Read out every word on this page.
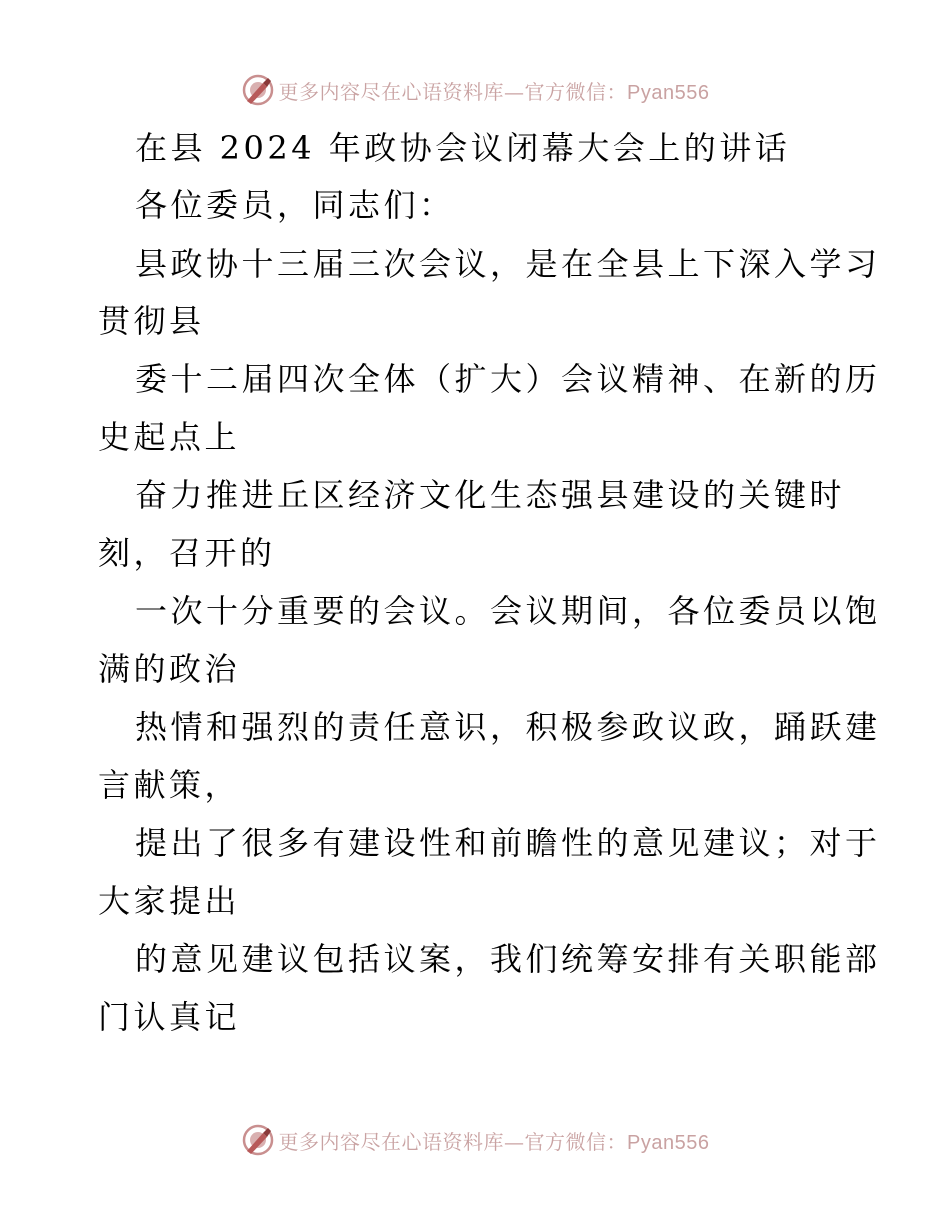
更多内容尽在心语资料库—官方微信：Pyan556
在县 2024 年政协会议闭幕大会上的讲话
各位委员，同志们：
县政协十三届三次会议，是在全县上下深入学习
贯彻县
委十二届四次全体（扩大）会议精神、在新的历
史起点上
奋力推进丘区经济文化生态强县建设的关键时
刻，召开的
一次十分重要的会议。会议期间，各位委员以饱
满的政治
热情和强烈的责任意识，积极参政议政，踊跃建
言献策，
提出了很多有建设性和前瞻性的意见建议；对于
大家提出
的意见建议包括议案，我们统筹安排有关职能部
门认真记
更多内容尽在心语资料库—官方微信：Pyan556
